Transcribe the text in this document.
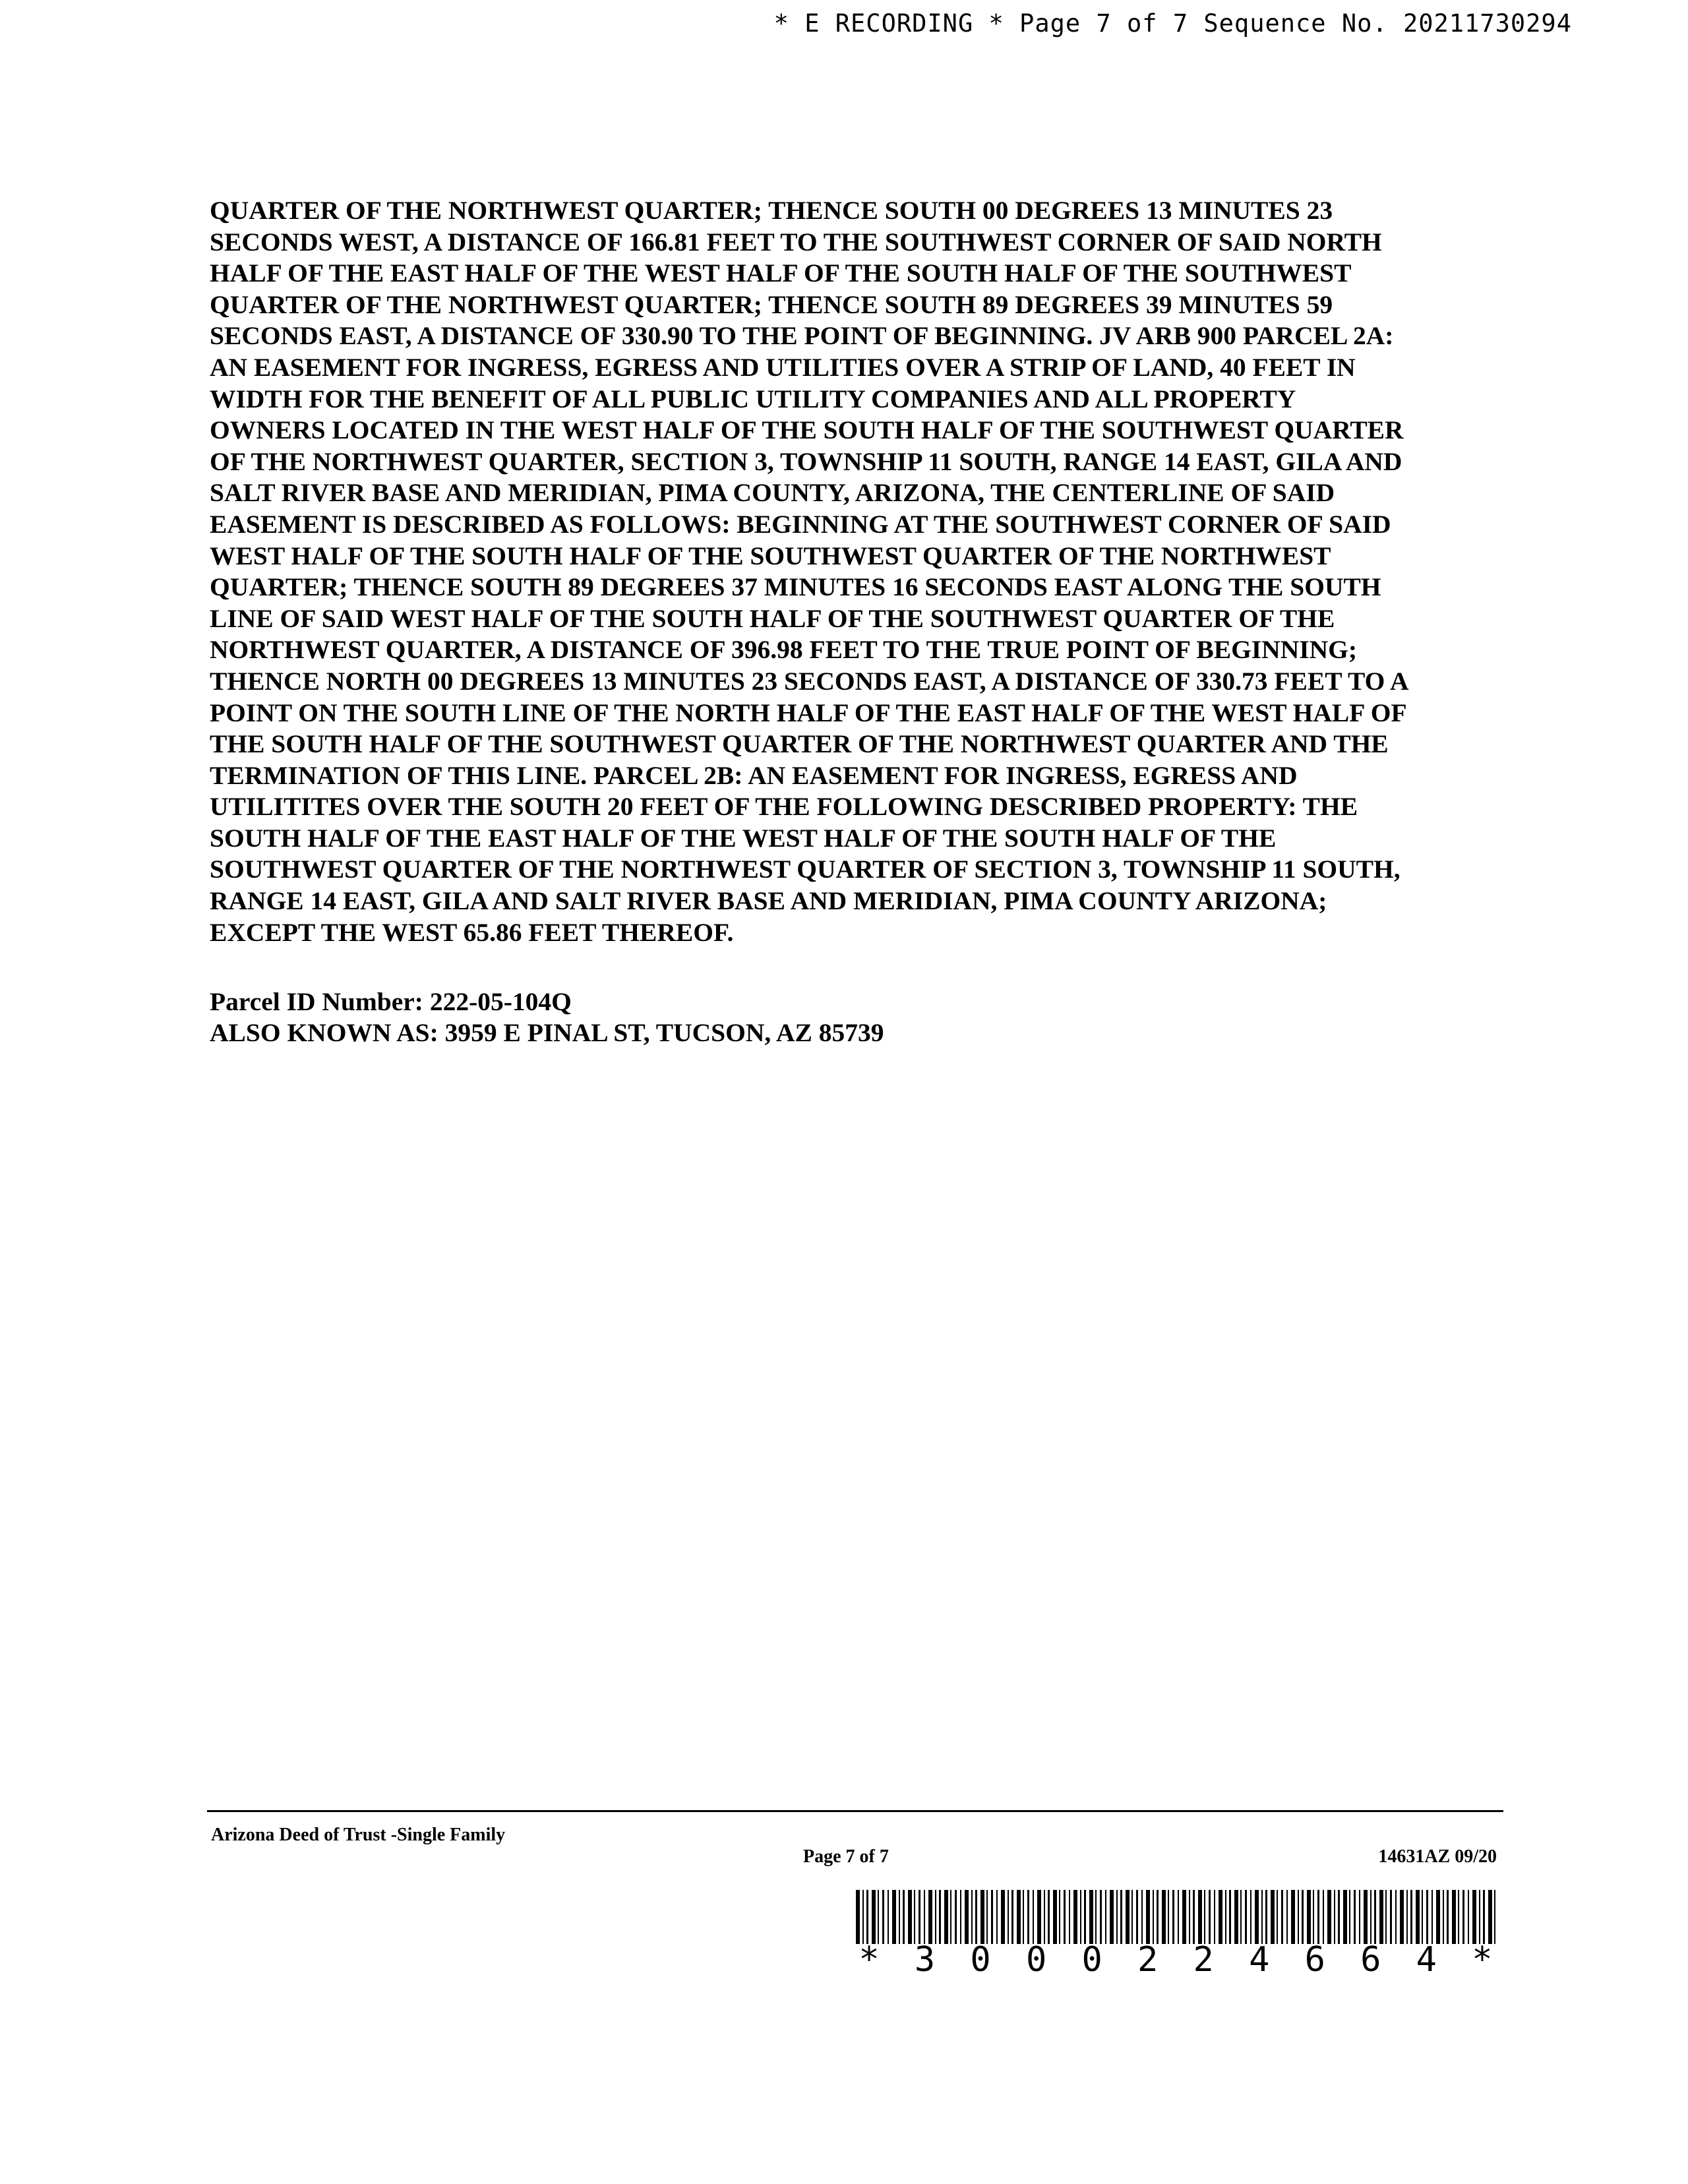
* E RECORDING * Page 7 of 7 Sequence No. 20211730294
QUARTER OF THE NORTHWEST QUARTER; THENCE SOUTH 00 DEGREES 13 MINUTES 23
SECONDS WEST, A DISTANCE OF 166.81 FEET TO THE SOUTHWEST CORNER OF SAID NORTH
HALF OF THE EAST HALF OF THE WEST HALF OF THE SOUTH HALF OF THE SOUTHWEST
QUARTER OF THE NORTHWEST QUARTER; THENCE SOUTH 89 DEGREES 39 MINUTES 59
SECONDS EAST, A DISTANCE OF 330.90 TO THE POINT OF BEGINNING. JV ARB 900 PARCEL 2A:
AN EASEMENT FOR INGRESS, EGRESS AND UTILITIES OVER A STRIP OF LAND, 40 FEET IN
WIDTH FOR THE BENEFIT OF ALL PUBLIC UTILITY COMPANIES AND ALL PROPERTY
OWNERS LOCATED IN THE WEST HALF OF THE SOUTH HALF OF THE SOUTHWEST QUARTER
OF THE NORTHWEST QUARTER, SECTION 3, TOWNSHIP 11 SOUTH, RANGE 14 EAST, GILA AND
SALT RIVER BASE AND MERIDIAN, PIMA COUNTY, ARIZONA, THE CENTERLINE OF SAID
EASEMENT IS DESCRIBED AS FOLLOWS: BEGINNING AT THE SOUTHWEST CORNER OF SAID
WEST HALF OF THE SOUTH HALF OF THE SOUTHWEST QUARTER OF THE NORTHWEST
QUARTER; THENCE SOUTH 89 DEGREES 37 MINUTES 16 SECONDS EAST ALONG THE SOUTH
LINE OF SAID WEST HALF OF THE SOUTH HALF OF THE SOUTHWEST QUARTER OF THE
NORTHWEST QUARTER, A DISTANCE OF 396.98 FEET TO THE TRUE POINT OF BEGINNING;
THENCE NORTH 00 DEGREES 13 MINUTES 23 SECONDS EAST, A DISTANCE OF 330.73 FEET TO A
POINT ON THE SOUTH LINE OF THE NORTH HALF OF THE EAST HALF OF THE WEST HALF OF
THE SOUTH HALF OF THE SOUTHWEST QUARTER OF THE NORTHWEST QUARTER AND THE
TERMINATION OF THIS LINE. PARCEL 2B: AN EASEMENT FOR INGRESS, EGRESS AND
UTILITITES OVER THE SOUTH 20 FEET OF THE FOLLOWING DESCRIBED PROPERTY: THE
SOUTH HALF OF THE EAST HALF OF THE WEST HALF OF THE SOUTH HALF OF THE
SOUTHWEST QUARTER OF THE NORTHWEST QUARTER OF SECTION 3, TOWNSHIP 11 SOUTH,
RANGE 14 EAST, GILA AND SALT RIVER BASE AND MERIDIAN, PIMA COUNTY ARIZONA;
EXCEPT THE WEST 65.86 FEET THEREOF.
Parcel ID Number: 222-05-104Q
ALSO KNOWN AS: 3959 E PINAL ST, TUCSON, AZ 85739
Arizona Deed of Trust -Single Family
Page 7 of 7	14631AZ 09/20
* 3 0 0 0 2 2 4 6 6 4 *
